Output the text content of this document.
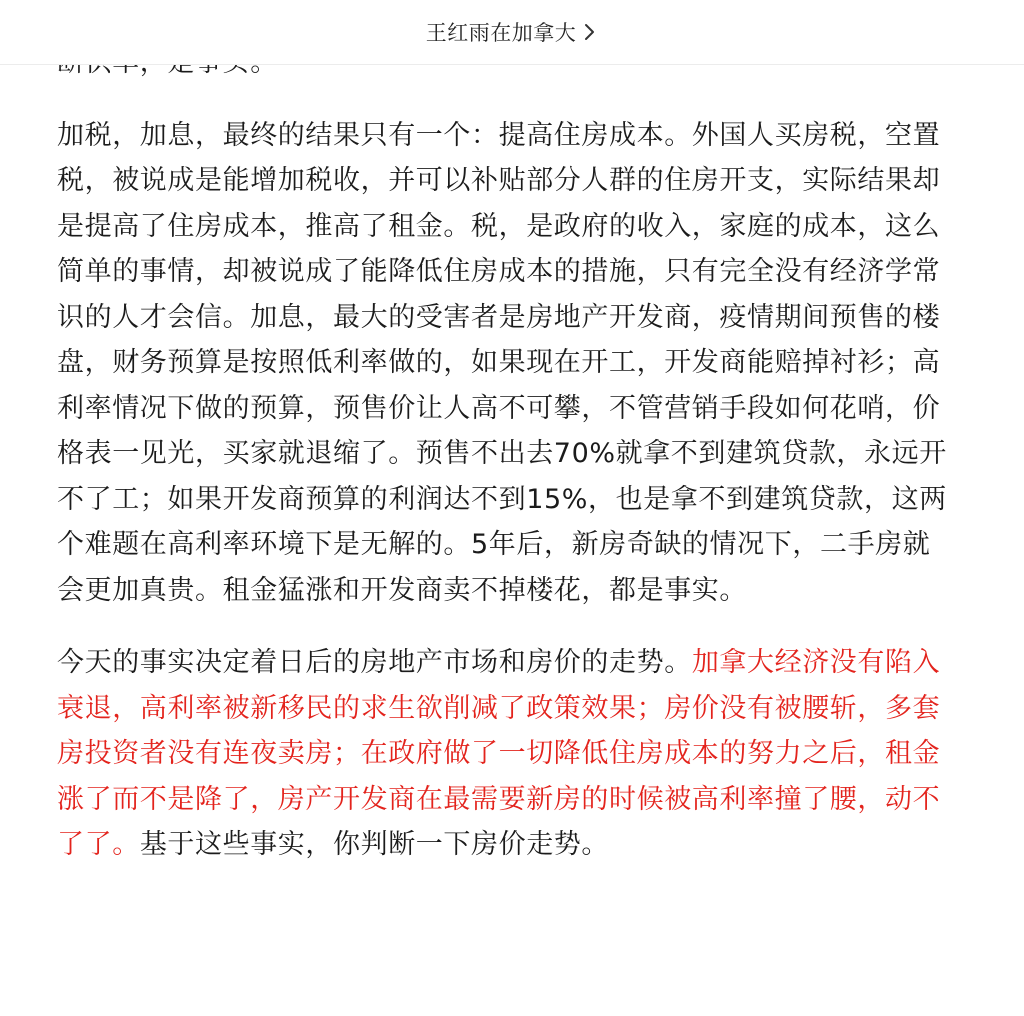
王红雨在加拿大

加税，加息，最终的结果只有一个：提高住房成本。外国人买房税，空置税，被说成是能增加税收，并可以补贴部分人群的住房开支，实际结果却是提高了住房成本，推高了租金。税，是政府的收入，家庭的成本，这么简单的事情，却被说成了能降低住房成本的措施，只有完全没有经济学常识的人才会信。加息，最大的受害者是房地产开发商，疫情期间预售的楼盘，财务预算是按照低利率做的，如果现在开工，开发商能赔掉衬衫；高利率情况下做的预算，预售价让人高不可攀，不管营销手段如何花哨，价格表一见光，买家就退缩了。预售不出去70%就拿不到建筑贷款，永远开不了工；如果开发商预算的利润达不到15%，也是拿不到建筑贷款，这两个难题在高利率环境下是无解的。5年后，新房奇缺的情况下，二手房就会更加真贵。租金猛涨和开发商卖不掉楼花，都是事实。

今天的事实决定着日后的房地产市场和房价的走势。加拿大经济没有陷入衰退，高利率被新移民的求生欲削减了政策效果；房价没有被腰斩，多套房投资者没有连夜卖房；在政府做了一切降低住房成本的努力之后，租金涨了而不是降了，房产开发商在最需要新房的时候被高利率撞了腰，动不了了。基于这些事实，你判断一下房价走势。
